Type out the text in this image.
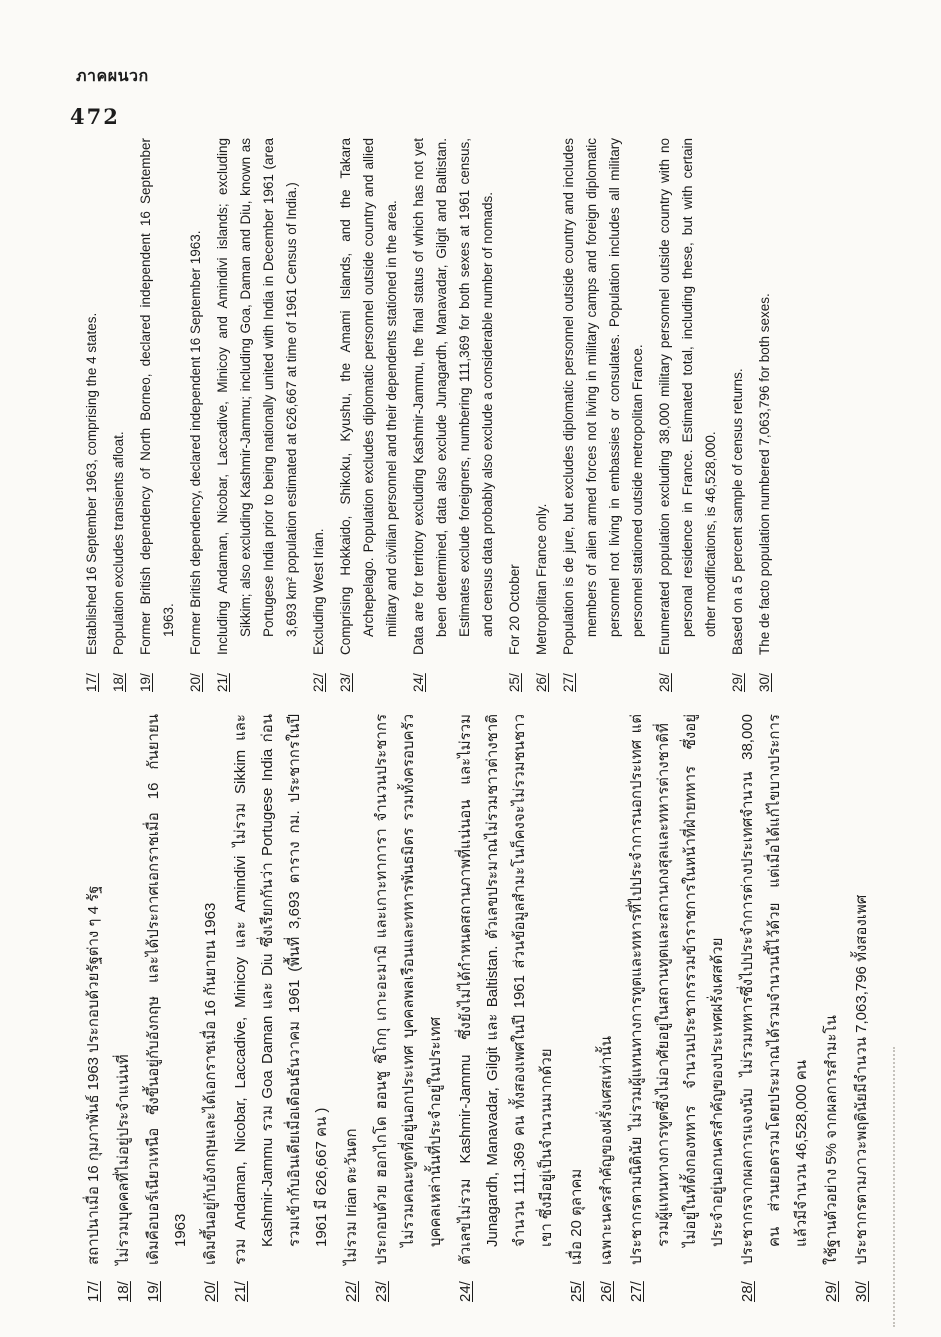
ภาคผนวก
472
17/
สถาปนาเมื่อ 16 กุมภาพันธ์ 1963 ประกอบด้วยรัฐต่าง ๆ 4 รัฐ
18/
ไม่รวมบุคคลที่ไม่อยู่ประจำแน่นที่
19/
เดิมคือบอร์เนียวเหนือ ซึ่งขึ้นอยู่กับอังกฤษ และได้ประกาศเอกราชเมื่อ 16 กันยายน 1963
20/
เดิมขึ้นอยู่กับอังกฤษและได้เอกราชเมื่อ 16 กันยายน 1963
21/
รวม Andaman, Nicobar, Laccadive, Minicoy และ Amindivi ไม่รวม Sikkim และ Kashmir-Jammu รวม Goa Daman และ Diu ซึ่งเรียกกันว่า Portugese India ก่อนรวมเข้ากับอินเดียเมื่อเดือนธันวาคม 1961 (พื้นที่ 3,693 ตาราง กม. ประชากรในปี 1961 มี 626,667 คน )
22/
ไม่รวม Irian ตะวันตก
23/
ประกอบด้วย ฮอกไกโด ฮอนชู ชิโกกุ เกาะอะมามิ และเกาะทาการา จำนวนประชากรไม่รวมคณะทูตที่อยู่นอกประเทศ บุคคลพลเรือนและทหารพันธมิตร รวมทั้งครอบครัวบุคคลเหล่านั้นที่ประจำอยู่ในประเทศ
24/
ตัวเลขไม่รวม Kashmir-Jammu ซึ่งยังไม่ได้กำหนดสถานภาพที่แน่นอน และไม่รวม Junagardh, Manavadar, Gilgit และ Baltistan. ตัวเลขประมาณไม่รวมชาวต่างชาติจำนวน 111,369 คน ทั้งสองเพศในปี 1961 ส่วนข้อมูลสำมะโนก็คงจะไม่รวมชนชาวเขา ซึ่งมีอยู่เป็นจำนวนมากด้วย
25/
เมื่อ 20 ตุลาคม
26/
เฉพาะนครสำคัญของฝรั่งเศสเท่านั้น
27/
ประชากรตามนิตินัย ไม่รวมผู้แทนทางการทูตและทหารที่ไปประจำการนอกประเทศ แต่รวมผู้แทนทางการทูตซึ่งไม่อาศัยอยู่ในสถานทูตและสถานกงสุลและทหารต่างชาติที่ไม่อยู่ในที่ตั้งกองทหาร จำนวนประชากรรวมข้าราชการในหน้าที่ฝ่ายทหาร ซึ่งอยู่ประจำอยู่นอกนครสำคัญของประเทศฝรั่งเศสด้วย
28/
ประชากรจากผลการแจงนับ ไม่รวมทหารซึ่งไปประจำการต่างประเทศจำนวน 38,000 คน ส่วนยอดรวมโดยประมาณได้รวมจำนวนนี้ไว้ด้วย แต่เมื่อได้แก้ไขบางประการแล้วมีจำนวน 46,528,000 คน
29/
ใช้ฐานตัวอย่าง 5% จากผลการสำมะโน
30/
ประชากรตามภาวะพฤตินัยมีจำนวน 7,063,796 ทั้งสองเพศ
17/
Established 16 September 1963, comprising the 4 states.
18/
Population excludes transients afloat.
19/
Former British dependency of North Borneo, declared independent 16 September 1963.
20/
Former British dependency, declared independent 16 September 1963.
21/
Including Andaman, Nicobar, Laccadive, Minicoy and Amindivi islands; excluding Sikkim; also excluding Kashmir-Jammu; including Goa, Daman and Diu, known as Portugese India prior to being nationally united with India in December 1961 (area 3,693 km² population estimated at 626,667 at time of 1961 Census of India.)
22/
Excluding West Irian.
23/
Comprising Hokkaido, Shikoku, Kyushu, the Amami Islands, and the Takara Archepelago. Population excludes diplomatic personnel outside country and allied military and civilian personnel and their dependents stationed in the area.
24/
Data are for territory excluding Kashmir-Jammu, the final status of which has not yet been determined, data also exclude Junagardh, Manavadar, Gilgit and Baltistan. Estimates exclude foreigners, numbering 111,369 for both sexes at 1961 census, and census data probably also exclude a considerable number of nomads.
25/
For 20 October
26/
Metropolitan France only.
27/
Population is de jure, but excludes diplomatic personnel outside country and includes members of alien armed forces not living in military camps and foreign diplomatic personnel not living in embassies or consulates. Population includes all military personnel stationed outside metropolitan France.
28/
Enumerated population excluding 38,000 military personnel outside country with no personal residence in France. Estimated total, including these, but with certain other modifications, is 46,528,000.
29/
Based on a 5 percent sample of census returns.
30/
The de facto population numbered 7,063,796 for both sexes.
